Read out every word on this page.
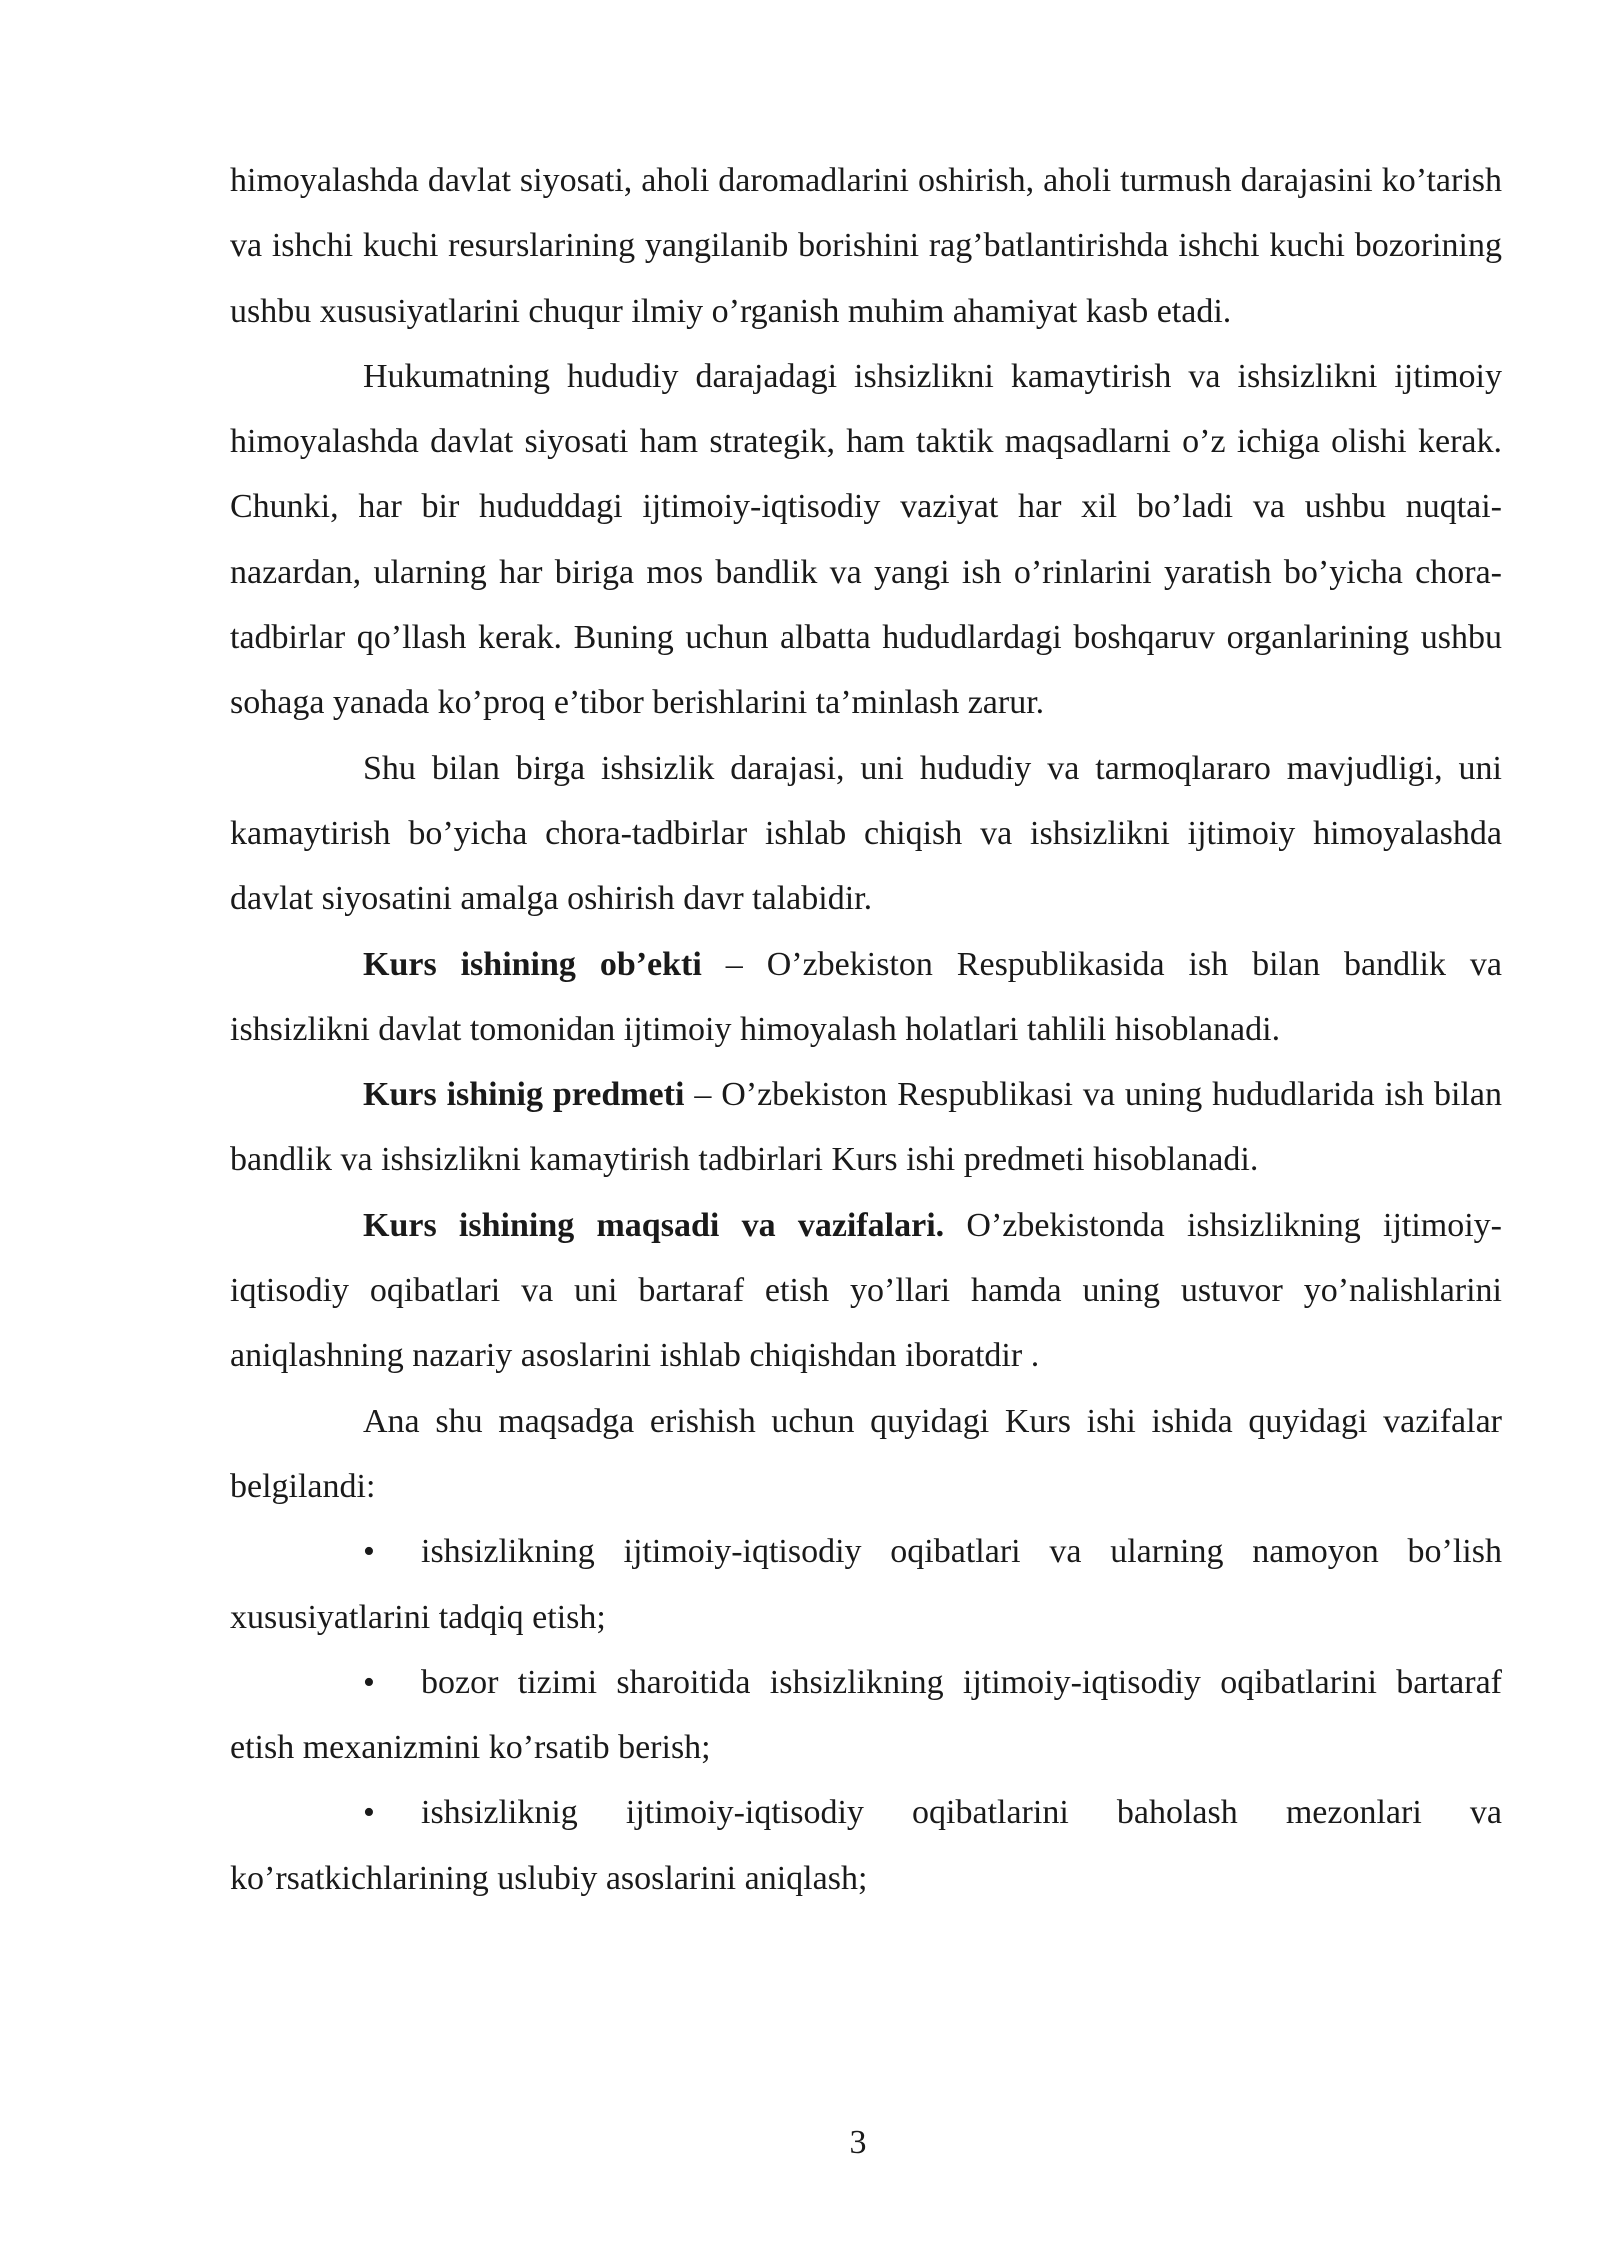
himoyalashda davlat siyosati, aholi daromadlarini oshirish, aholi turmush darajasini ko’tarish va ishchi kuchi resurslarining yangilanib borishini rag’batlantirishda ishchi kuchi bozorining ushbu xususiyatlarini chuqur ilmiy o’rganish muhim ahamiyat kasb etadi.

Hukumatning hududiy darajadagi ishsizlikni kamaytirish va ishsizlikni ijtimoiy himoyalashda davlat siyosati ham strategik, ham taktik maqsadlarni o’z ichiga olishi kerak. Chunki, har bir hududdagi ijtimoiy-iqtisodiy vaziyat har xil bo’ladi va ushbu nuqtai-nazardan, ularning har biriga mos bandlik va yangi ish o’rinlarini yaratish bo’yicha chora-tadbirlar qo’llash kerak. Buning uchun albatta hududlardagi boshqaruv organlarining ushbu sohaga yanada ko’proq e’tibor berishlarini ta’minlash zarur.

Shu bilan birga ishsizlik darajasi, uni hududiy va tarmoqlararo mavjudligi, uni kamaytirish bo’yicha chora-tadbirlar ishlab chiqish va ishsizlikni ijtimoiy himoyalashda davlat siyosatini amalga oshirish davr talabidir.

Kurs ishining ob’ekti – O’zbekiston Respublikasida ish bilan bandlik va ishsizlikni davlat tomonidan ijtimoiy himoyalash holatlari tahlili hisoblanadi.

Kurs ishinig predmeti – O’zbekiston Respublikasi va uning hududlarida ish bilan bandlik va ishsizlikni kamaytirish tadbirlari Kurs ishi predmeti hisoblanadi.

Kurs ishining maqsadi va vazifalari. O’zbekistonda ishsizlikning ijtimoiy-iqtisodiy oqibatlari va uni bartaraf etish yo’llari hamda uning ustuvor yo’nalishlarini aniqlashning nazariy asoslarini ishlab chiqishdan iboratdir .

Ana shu maqsadga erishish uchun quyidagi Kurs ishi ishida quyidagi vazifalar belgilandi:

• ishsizlikning ijtimoiy-iqtisodiy oqibatlari va ularning namoyon bo’lish xususiyatlarini tadqiq etish;

• bozor tizimi sharoitida ishsizlikning ijtimoiy-iqtisodiy oqibatlarini bartaraf etish mexanizmini ko’rsatib berish;

• ishsizliknig ijtimoiy-iqtisodiy oqibatlarini baholash mezonlari va ko’rsatkichlarining uslubiy asoslarini aniqlash;

3
